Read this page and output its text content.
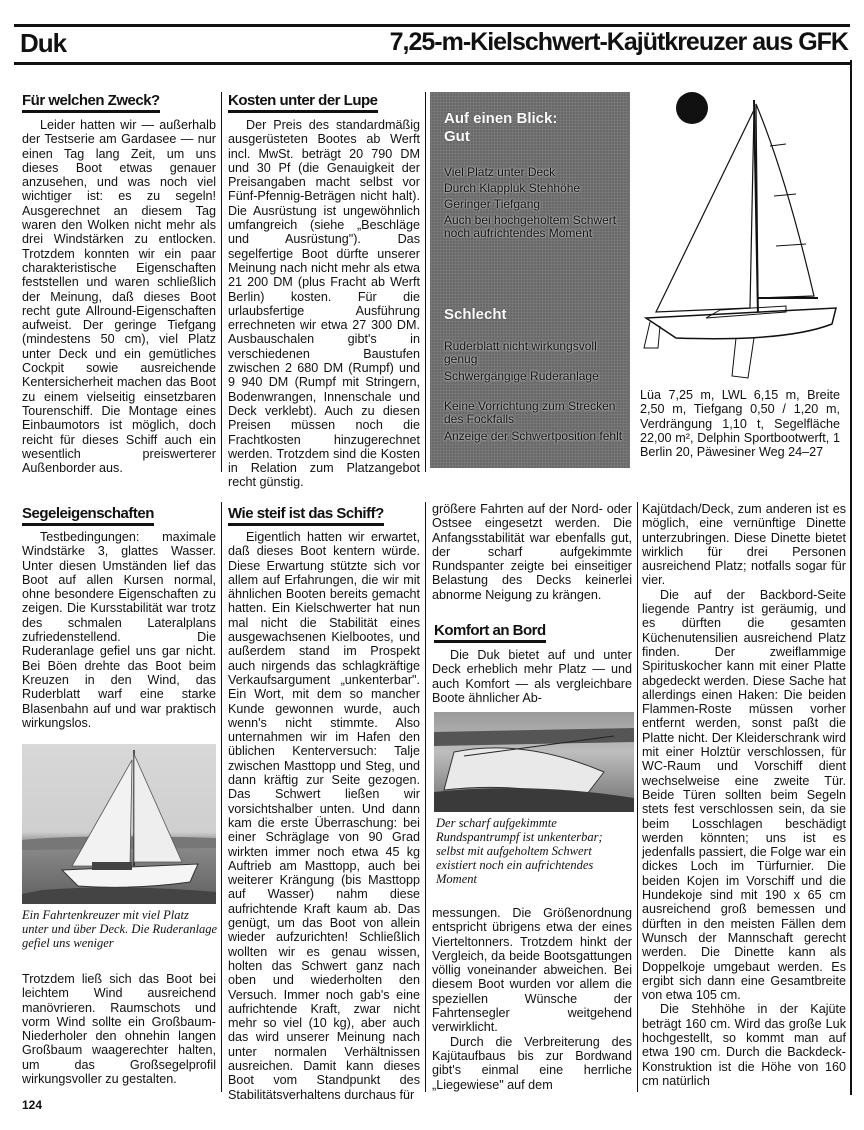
Duk	7,25-m-Kielschwert-Kajütkreuzer aus GFK
Für welchen Zweck?

Leider hatten wir — außerhalb der Testserie am Gardasee — nur einen Tag lang Zeit, um uns dieses Boot etwas genauer anzusehen, und was noch viel wichtiger ist: es zu segeln! Ausgerechnet an diesem Tag waren den Wolken nicht mehr als drei Windstärken zu entlocken. Trotzdem konnten wir ein paar charakteristische Eigenschaften feststellen und waren schließlich der Meinung, daß dieses Boot recht gute Allround-Eigenschaften aufweist. Der geringe Tiefgang (mindestens 50 cm), viel Platz unter Deck und ein gemütliches Cockpit sowie ausreichende Kentersicherheit machen das Boot zu einem vielseitig einsetzbaren Tourenschiff. Die Montage eines Einbaumotors ist möglich, doch reicht für dieses Schiff auch ein wesentlich preiswerterer Außenborder aus.

Kosten unter der Lupe

Der Preis des standardmäßig ausgerüsteten Bootes ab Werft incl. MwSt. beträgt 20 790 DM und 30 Pf (die Genauigkeit der Preisangaben macht selbst vor Fünf-Pfennig-Beträgen nicht halt). Die Ausrüstung ist ungewöhnlich umfangreich (siehe „Beschläge und Ausrüstung"). Das segelfertige Boot dürfte unserer Meinung nach nicht mehr als etwa 21 200 DM (plus Fracht ab Werft Berlin) kosten. Für die urlaubsfertige Ausführung errechneten wir etwa 27 300 DM. Ausbauschalen gibt's in verschiedenen Baustufen zwischen 2 680 DM (Rumpf) und 9 940 DM (Rumpf mit Stringern, Bodenwrangen, Innenschale und Deck verklebt). Auch zu diesen Preisen müssen noch die Frachtkosten hinzugerechnet werden. Trotzdem sind die Kosten in Relation zum Platzangebot recht günstig.

Auf einen Blick:
Gut
Viel Platz unter Deck
Durch Klappluk Stehhöhe
Geringer Tiefgang
Auch bei hochgeholtem Schwert noch aufrichtendes Moment
Schlecht
Ruderblatt nicht wirkungsvoll genug
Schwergängige Ruderanlage
Keine Vorrichtung zum Strecken des Fockfalls
Anzeige der Schwertposition fehlt
Lüa 7,25 m, LWL 6,15 m, Breite 2,50 m, Tiefgang 0,50 / 1,20 m, Verdrängung 1,10 t, Segelfläche 22,00 m², Delphin Sportbootwerft, 1 Berlin 20, Päwesiner Weg 24–27
Segeleigenschaften

Testbedingungen: maximale Windstärke 3, glattes Wasser. Unter diesen Umständen lief das Boot auf allen Kursen normal, ohne besondere Eigenschaften zu zeigen. Die Kursstabilität war trotz des schmalen Lateralplans zufriedenstellend. Die Ruderanlage gefiel uns gar nicht. Bei Böen drehte das Boot beim Kreuzen in den Wind, das Ruderblatt warf eine starke Blasenbahn auf und war praktisch wirkungslos.

Ein Fahrtenkreuzer mit viel Platz unter und über Deck. Die Ruderanlage gefiel uns weniger

Trotzdem ließ sich das Boot bei leichtem Wind ausreichend manövrieren. Raumschots und vorm Wind sollte ein Großbaum-Niederholer den ohnehin langen Großbaum waagerechter halten, um das Großsegelprofil wirkungsvoller zu gestalten.

Wie steif ist das Schiff?

Eigentlich hatten wir erwartet, daß dieses Boot kentern würde. Diese Erwartung stützte sich vor allem auf Erfahrungen, die wir mit ähnlichen Booten bereits gemacht hatten. Ein Kielschwerter hat nun mal nicht die Stabilität eines ausgewachsenen Kielbootes, und außerdem stand im Prospekt auch nirgends das schlagkräftige Verkaufsargument „unkenterbar". Ein Wort, mit dem so mancher Kunde gewonnen wurde, auch wenn's nicht stimmte. Also unternahmen wir im Hafen den üblichen Kenterversuch: Talje zwischen Masttopp und Steg, und dann kräftig zur Seite gezogen. Das Schwert ließen wir vorsichtshalber unten. Und dann kam die erste Überraschung: bei einer Schräglage von 90 Grad wirkten immer noch etwa 45 kg Auftrieb am Masttopp, auch bei weiterer Krängung (bis Masttopp auf Wasser) nahm diese aufrichtende Kraft kaum ab. Das genügt, um das Boot von allein wieder aufzurichten! Schließlich wollten wir es genau wissen, holten das Schwert ganz nach oben und wiederholten den Versuch. Immer noch gab's eine aufrichtende Kraft, zwar nicht mehr so viel (10 kg), aber auch das wird unserer Meinung nach unter normalen Verhältnissen ausreichen. Damit kann dieses Boot vom Standpunkt des Stabilitätsverhaltens durchaus für

größere Fahrten auf der Nord- oder Ostsee eingesetzt werden. Die Anfangsstabilität war ebenfalls gut, der scharf aufgekimmte Rundspanter zeigte bei einseitiger Belastung des Decks keinerlei abnorme Neigung zu krängen.

Komfort an Bord

Die Duk bietet auf und unter Deck erheblich mehr Platz — und auch Komfort — als vergleichbare Boote ähnlicher Ab-

Der scharf aufgekimmte Rundspantrumpf ist unkenterbar; selbst mit aufgeholtem Schwert existiert noch ein aufrichtendes Moment

messungen. Die Größenordnung entspricht übrigens etwa der eines Vierteltonners. Trotzdem hinkt der Vergleich, da beide Bootsgattungen völlig voneinander abweichen. Bei diesem Boot wurden vor allem die speziellen Wünsche der Fahrtensegler weitgehend verwirklicht.

Durch die Verbreiterung des Kajütaufbaus bis zur Bordwand gibt's einmal eine herrliche „Liegewiese" auf dem

Kajütdach/Deck, zum anderen ist es möglich, eine vernünftige Dinette unterzubringen. Diese Dinette bietet wirklich für drei Personen ausreichend Platz; notfalls sogar für vier.

Die auf der Backbord-Seite liegende Pantry ist geräumig, und es dürften die gesamten Küchenutensilien ausreichend Platz finden. Der zweiflammige Spirituskocher kann mit einer Platte abgedeckt werden. Diese Sache hat allerdings einen Haken: Die beiden Flammen-Roste müssen vorher entfernt werden, sonst paßt die Platte nicht. Der Kleiderschrank wird mit einer Holztür verschlossen, für WC-Raum und Vorschiff dient wechselweise eine zweite Tür. Beide Türen sollten beim Segeln stets fest verschlossen sein, da sie beim Losschlagen beschädigt werden könnten; uns ist es jedenfalls passiert, die Folge war ein dickes Loch im Türfurnier. Die beiden Kojen im Vorschiff und die Hundekoje sind mit 190 x 65 cm ausreichend groß bemessen und dürften in den meisten Fällen dem Wunsch der Mannschaft gerecht werden. Die Dinette kann als Doppelkoje umgebaut werden. Es ergibt sich dann eine Gesamtbreite von etwa 105 cm.

Die Stehhöhe in der Kajüte beträgt 160 cm. Wird das große Luk hochgestellt, so kommt man auf etwa 190 cm. Durch die Backdeck-Konstruktion ist die Höhe von 160 cm natürlich

124
